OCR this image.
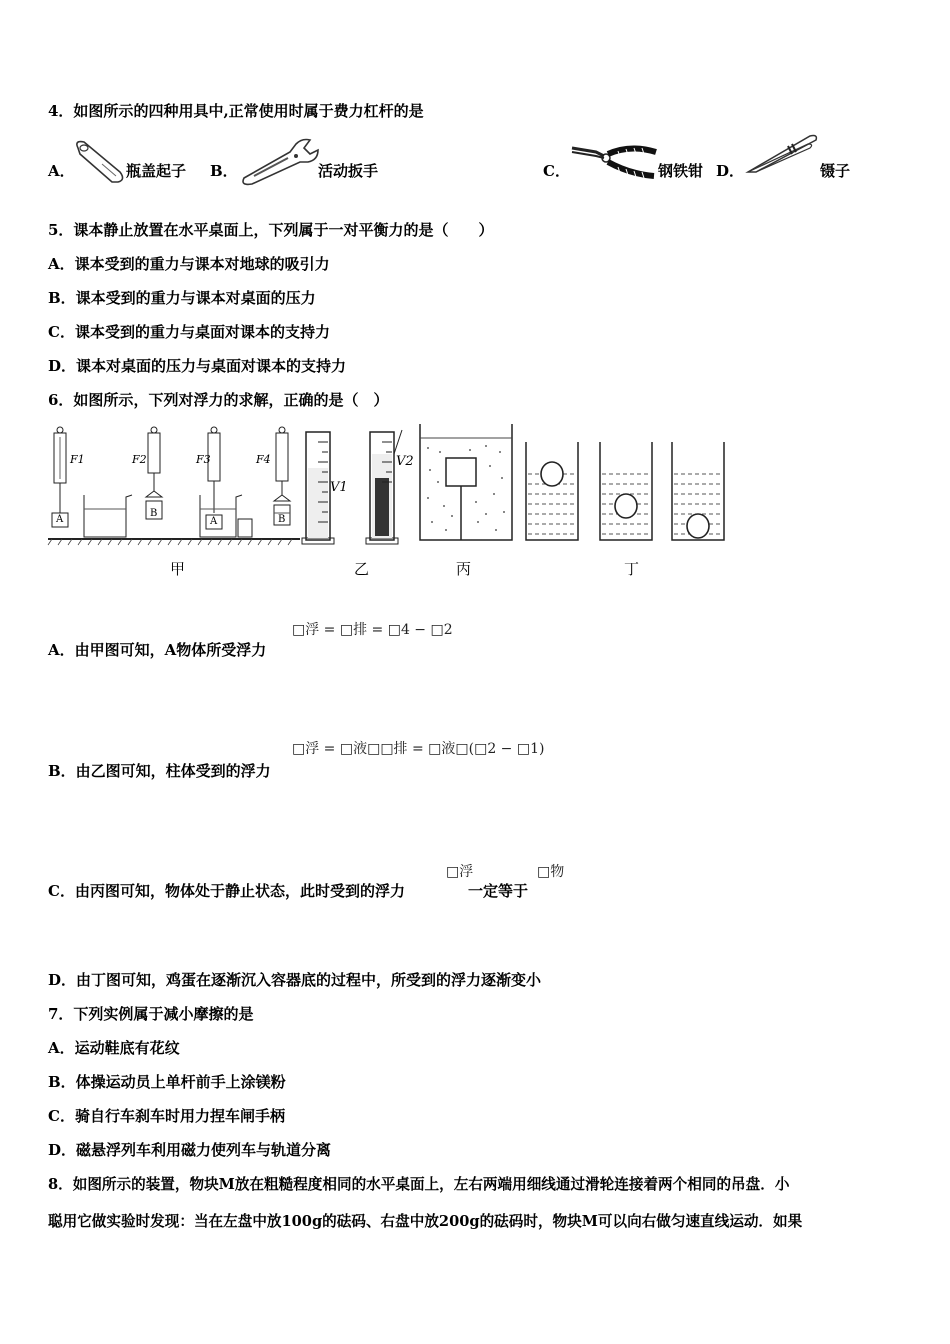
4．如图所示的四种用具中,正常使用时属于费力杠杆的是
A．	瓶盖起子 B．	活动扳手	C．	钢铁钳 D．	镊子
5．课本静止放置在水平桌面上，下列属于一对平衡力的是（　　）
A．课本受到的重力与课本对地球的吸引力
B．课本受到的重力与课本对桌面的压力
C．课本受到的重力与桌面对课本的支持力
D．课本对桌面的压力与桌面对课本的支持力
6．如图所示，下列对浮力的求解，正确的是（　）
F1	F2	F3	F4
A
B
A	B
V1
V2
甲	乙	丙	丁
A．由甲图可知，A物体所受浮力
□浮 = □排 = □4 − □2
B．由乙图可知，柱体受到的浮力
□浮 = □液□□排 = □液□(□2 − □1)
C．由丙图可知，物体处于静止状态，此时受到的浮力
□浮
一定等于
□物
D．由丁图可知，鸡蛋在逐渐沉入容器底的过程中，所受到的浮力逐渐变小
7．下列实例属于减小摩擦的是
A．运动鞋底有花纹
B．体操运动员上单杆前手上涂镁粉
C．骑自行车刹车时用力捏车闸手柄
D．磁悬浮列车利用磁力使列车与轨道分离
8．如图所示的装置，物块M放在粗糙程度相同的水平桌面上，左右两端用细线通过滑轮连接着两个相同的吊盘．小
聪用它做实验时发现：当在左盘中放100g的砝码、右盘中放200g的砝码时，物块M可以向右做匀速直线运动．如果
